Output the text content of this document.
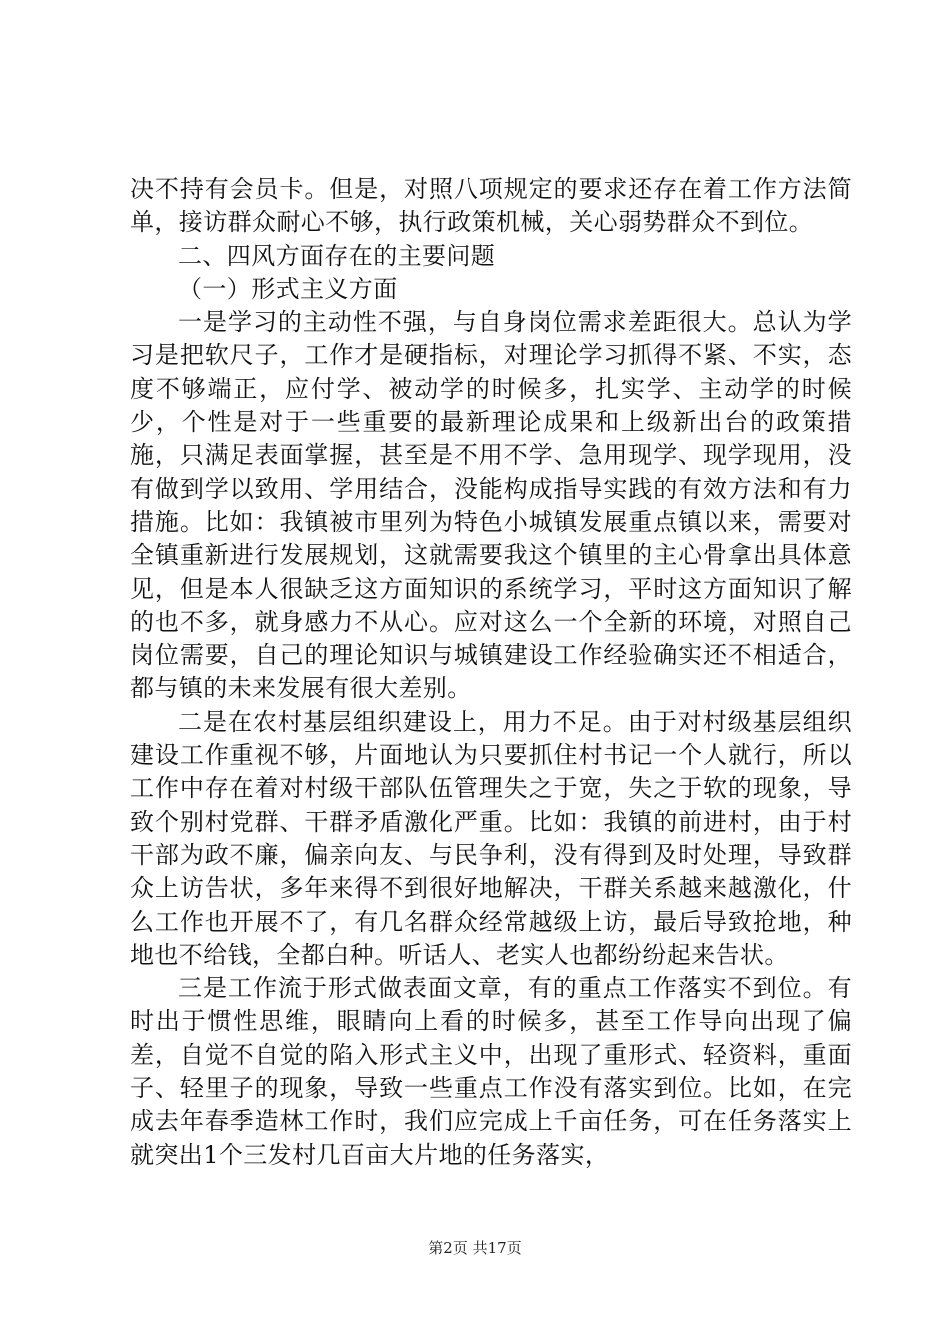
决不持有会员卡。但是，对照八项规定的要求还存在着工作方法简单，接访群众耐心不够，执行政策机械，关心弱势群众不到位。

二、四风方面存在的主要问题

（一）形式主义方面

一是学习的主动性不强，与自身岗位需求差距很大。总认为学习是把软尺子，工作才是硬指标，对理论学习抓得不紧、不实，态度不够端正，应付学、被动学的时候多，扎实学、主动学的时候少，个性是对于一些重要的最新理论成果和上级新出台的政策措施，只满足表面掌握，甚至是不用不学、急用现学、现学现用，没有做到学以致用、学用结合，没能构成指导实践的有效方法和有力措施。比如：我镇被市里列为特色小城镇发展重点镇以来，需要对全镇重新进行发展规划，这就需要我这个镇里的主心骨拿出具体意见，但是本人很缺乏这方面知识的系统学习，平时这方面知识了解的也不多，就身感力不从心。应对这么一个全新的环境，对照自己岗位需要，自己的理论知识与城镇建设工作经验确实还不相适合，都与镇的未来发展有很大差别。

二是在农村基层组织建设上，用力不足。由于对村级基层组织建设工作重视不够，片面地认为只要抓住村书记一个人就行，所以工作中存在着对村级干部队伍管理失之于宽，失之于软的现象，导致个别村党群、干群矛盾激化严重。比如：我镇的前进村，由于村干部为政不廉，偏亲向友、与民争利，没有得到及时处理，导致群众上访告状，多年来得不到很好地解决，干群关系越来越激化，什么工作也开展不了，有几名群众经常越级上访，最后导致抢地，种地也不给钱，全都白种。听话人、老实人也都纷纷起来告状。

三是工作流于形式做表面文章，有的重点工作落实不到位。有时出于惯性思维，眼睛向上看的时候多，甚至工作导向出现了偏差，自觉不自觉的陷入形式主义中，出现了重形式、轻资料，重面子、轻里子的现象，导致一些重点工作没有落实到位。比如，在完成去年春季造林工作时，我们应完成上千亩任务，可在任务落实上就突出1个三发村几百亩大片地的任务落实，

第2页 共17页
